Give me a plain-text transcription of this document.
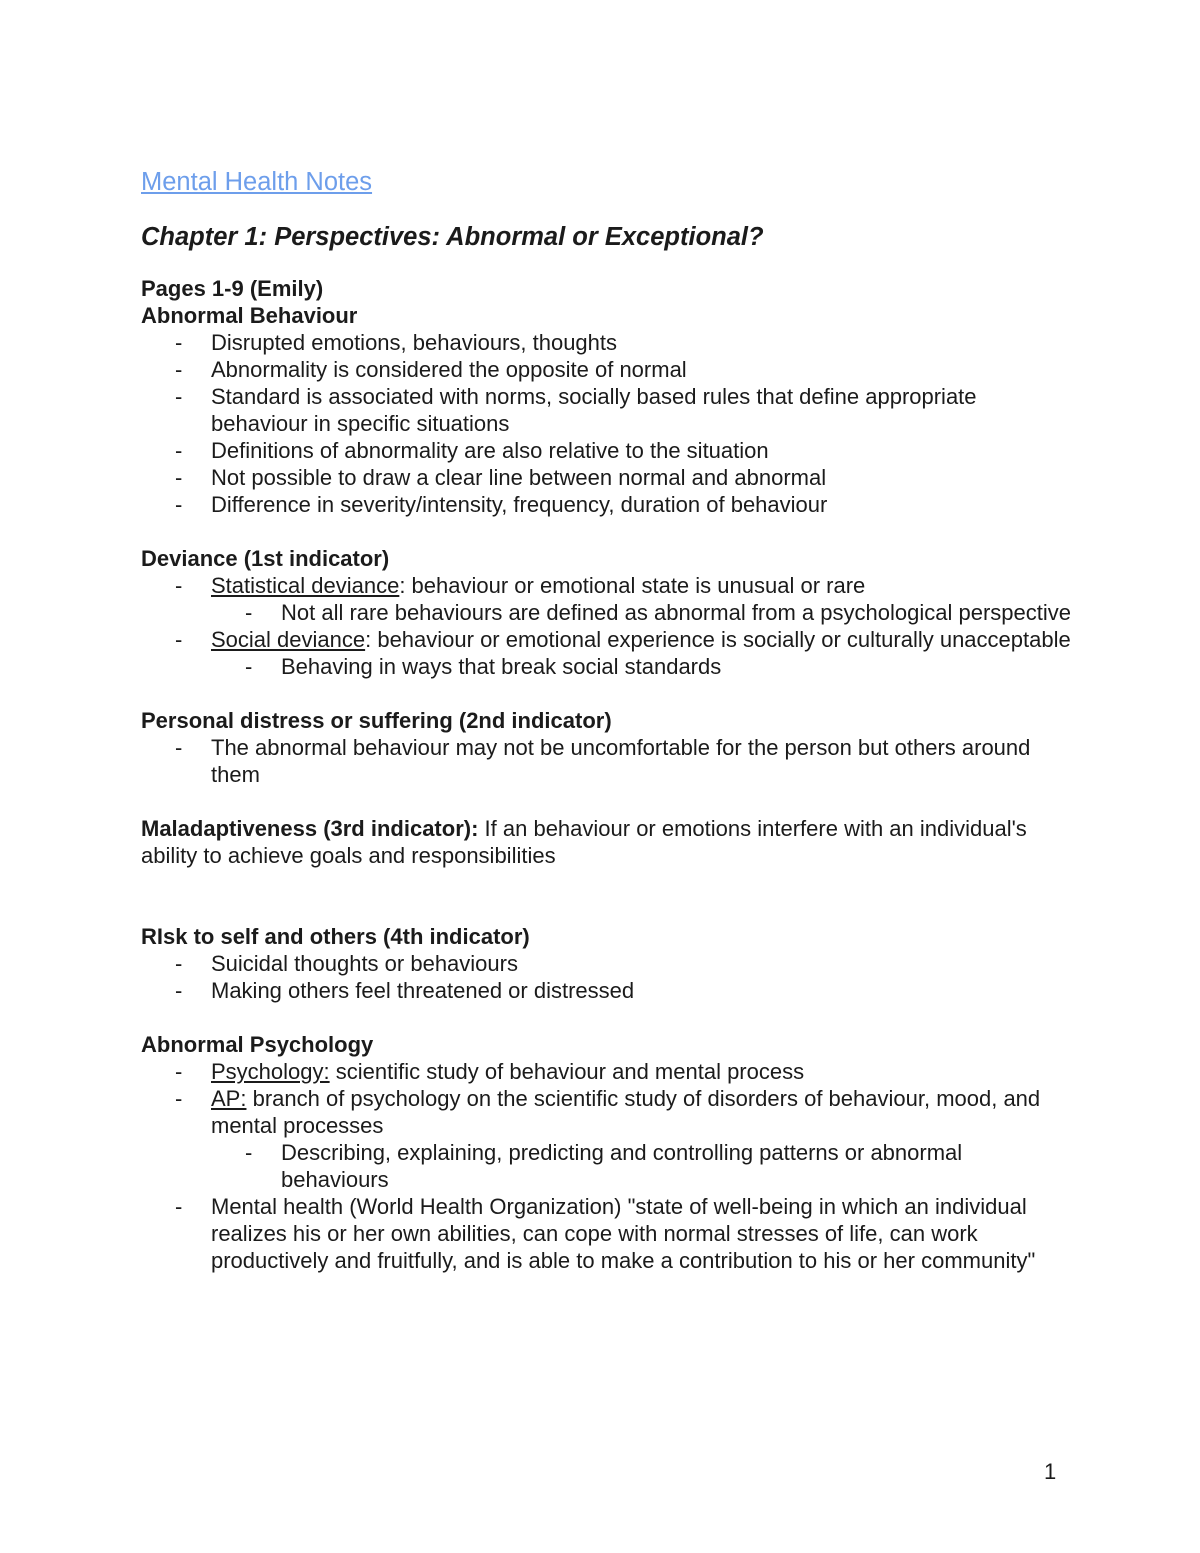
Mental Health Notes
Chapter 1: Perspectives: Abnormal or Exceptional?
Pages 1-9 (Emily)
Abnormal Behaviour
- Disrupted emotions, behaviours, thoughts
- Abnormality is considered the opposite of normal
- Standard is associated with norms, socially based rules that define appropriate behaviour in specific situations
- Definitions of abnormality are also relative to the situation
- Not possible to draw a clear line between normal and abnormal
- Difference in severity/intensity, frequency, duration of behaviour
Deviance (1st indicator)
- Statistical deviance: behaviour or emotional state is unusual or rare
- Not all rare behaviours are defined as abnormal from a psychological perspective
- Social deviance: behaviour or emotional experience is socially or culturally unacceptable
- Behaving in ways that break social standards
Personal distress or suffering (2nd indicator)
- The abnormal behaviour may not be uncomfortable for the person but others around them
Maladaptiveness (3rd indicator): If an behaviour or emotions interfere with an individual's ability to achieve goals and responsibilities
RIsk to self and others (4th indicator)
- Suicidal thoughts or behaviours
- Making others feel threatened or distressed
Abnormal Psychology
- Psychology: scientific study of behaviour and mental process
- AP: branch of psychology on the scientific study of disorders of behaviour, mood, and mental processes
- Describing, explaining, predicting and controlling patterns or abnormal behaviours
- Mental health (World Health Organization) "state of well-being in which an individual realizes his or her own abilities, can cope with normal stresses of life, can work productively and fruitfully, and is able to make a contribution to his or her community"
1
